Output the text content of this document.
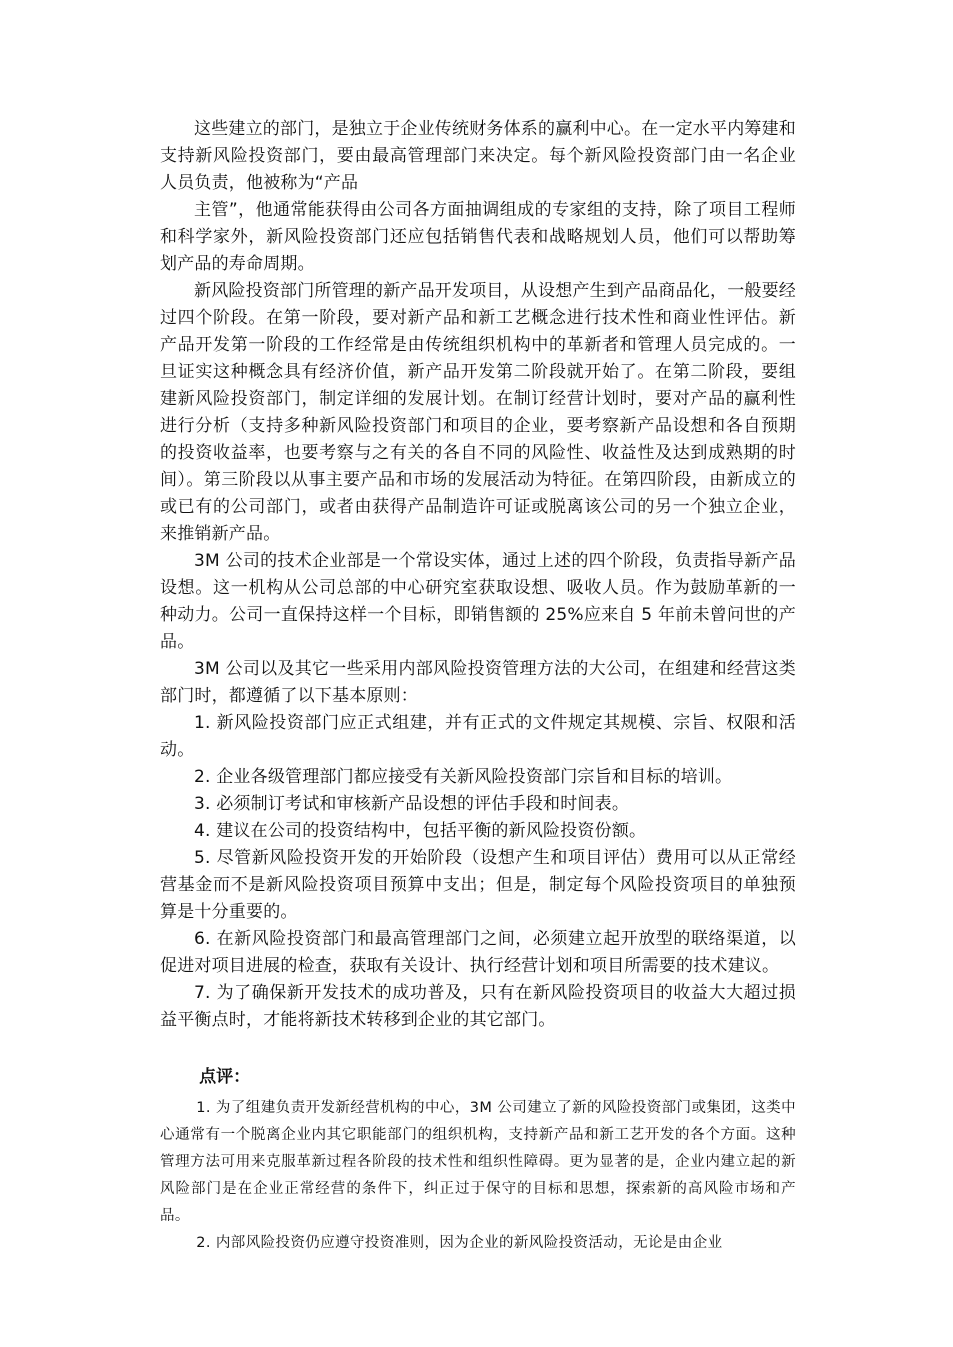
这些建立的部门，是独立于企业传统财务体系的赢利中心。在一定水平内筹建和支持新风险投资部门，要由最高管理部门来决定。每个新风险投资部门由一名企业人员负责，他被称为“产品

主管”，他通常能获得由公司各方面抽调组成的专家组的支持，除了项目工程师和科学家外，新风险投资部门还应包括销售代表和战略规划人员，他们可以帮助筹划产品的寿命周期。

新风险投资部门所管理的新产品开发项目，从设想产生到产品商品化，一般要经过四个阶段。在第一阶段，要对新产品和新工艺概念进行技术性和商业性评估。新产品开发第一阶段的工作经常是由传统组织机构中的革新者和管理人员完成的。一旦证实这种概念具有经济价值，新产品开发第二阶段就开始了。在第二阶段，要组建新风险投资部门，制定详细的发展计划。在制订经营计划时，要对产品的赢利性进行分析（支持多种新风险投资部门和项目的企业，要考察新产品设想和各自预期的投资收益率，也要考察与之有关的各自不同的风险性、收益性及达到成熟期的时间）。第三阶段以从事主要产品和市场的发展活动为特征。在第四阶段，由新成立的或已有的公司部门，或者由获得产品制造许可证或脱离该公司的另一个独立企业，来推销新产品。

3M 公司的技术企业部是一个常设实体，通过上述的四个阶段，负责指导新产品设想。这一机构从公司总部的中心研究室获取设想、吸收人员。作为鼓励革新的一种动力。公司一直保持这样一个目标，即销售额的 25%应来自 5 年前未曾问世的产品。

3M 公司以及其它一些采用内部风险投资管理方法的大公司，在组建和经营这类部门时，都遵循了以下基本原则：

1. 新风险投资部门应正式组建，并有正式的文件规定其规模、宗旨、权限和活动。

2. 企业各级管理部门都应接受有关新风险投资部门宗旨和目标的培训。

3. 必须制订考试和审核新产品设想的评估手段和时间表。

4. 建议在公司的投资结构中，包括平衡的新风险投资份额。

5. 尽管新风险投资开发的开始阶段（设想产生和项目评估）费用可以从正常经营基金而不是新风险投资项目预算中支出；但是，制定每个风险投资项目的单独预算是十分重要的。

6. 在新风险投资部门和最高管理部门之间，必须建立起开放型的联络渠道，以促进对项目进展的检查，获取有关设计、执行经营计划和项目所需要的技术建议。

7. 为了确保新开发技术的成功普及，只有在新风险投资项目的收益大大超过损益平衡点时，才能将新技术转移到企业的其它部门。

点评：

1. 为了组建负责开发新经营机构的中心，3M 公司建立了新的风险投资部门或集团，这类中心通常有一个脱离企业内其它职能部门的组织机构，支持新产品和新工艺开发的各个方面。这种管理方法可用来克服革新过程各阶段的技术性和组织性障碍。更为显著的是，企业内建立起的新风险部门是在企业正常经营的条件下，纠正过于保守的目标和思想，探索新的高风险市场和产品。

2. 内部风险投资仍应遵守投资准则，因为企业的新风险投资活动，无论是由企业
